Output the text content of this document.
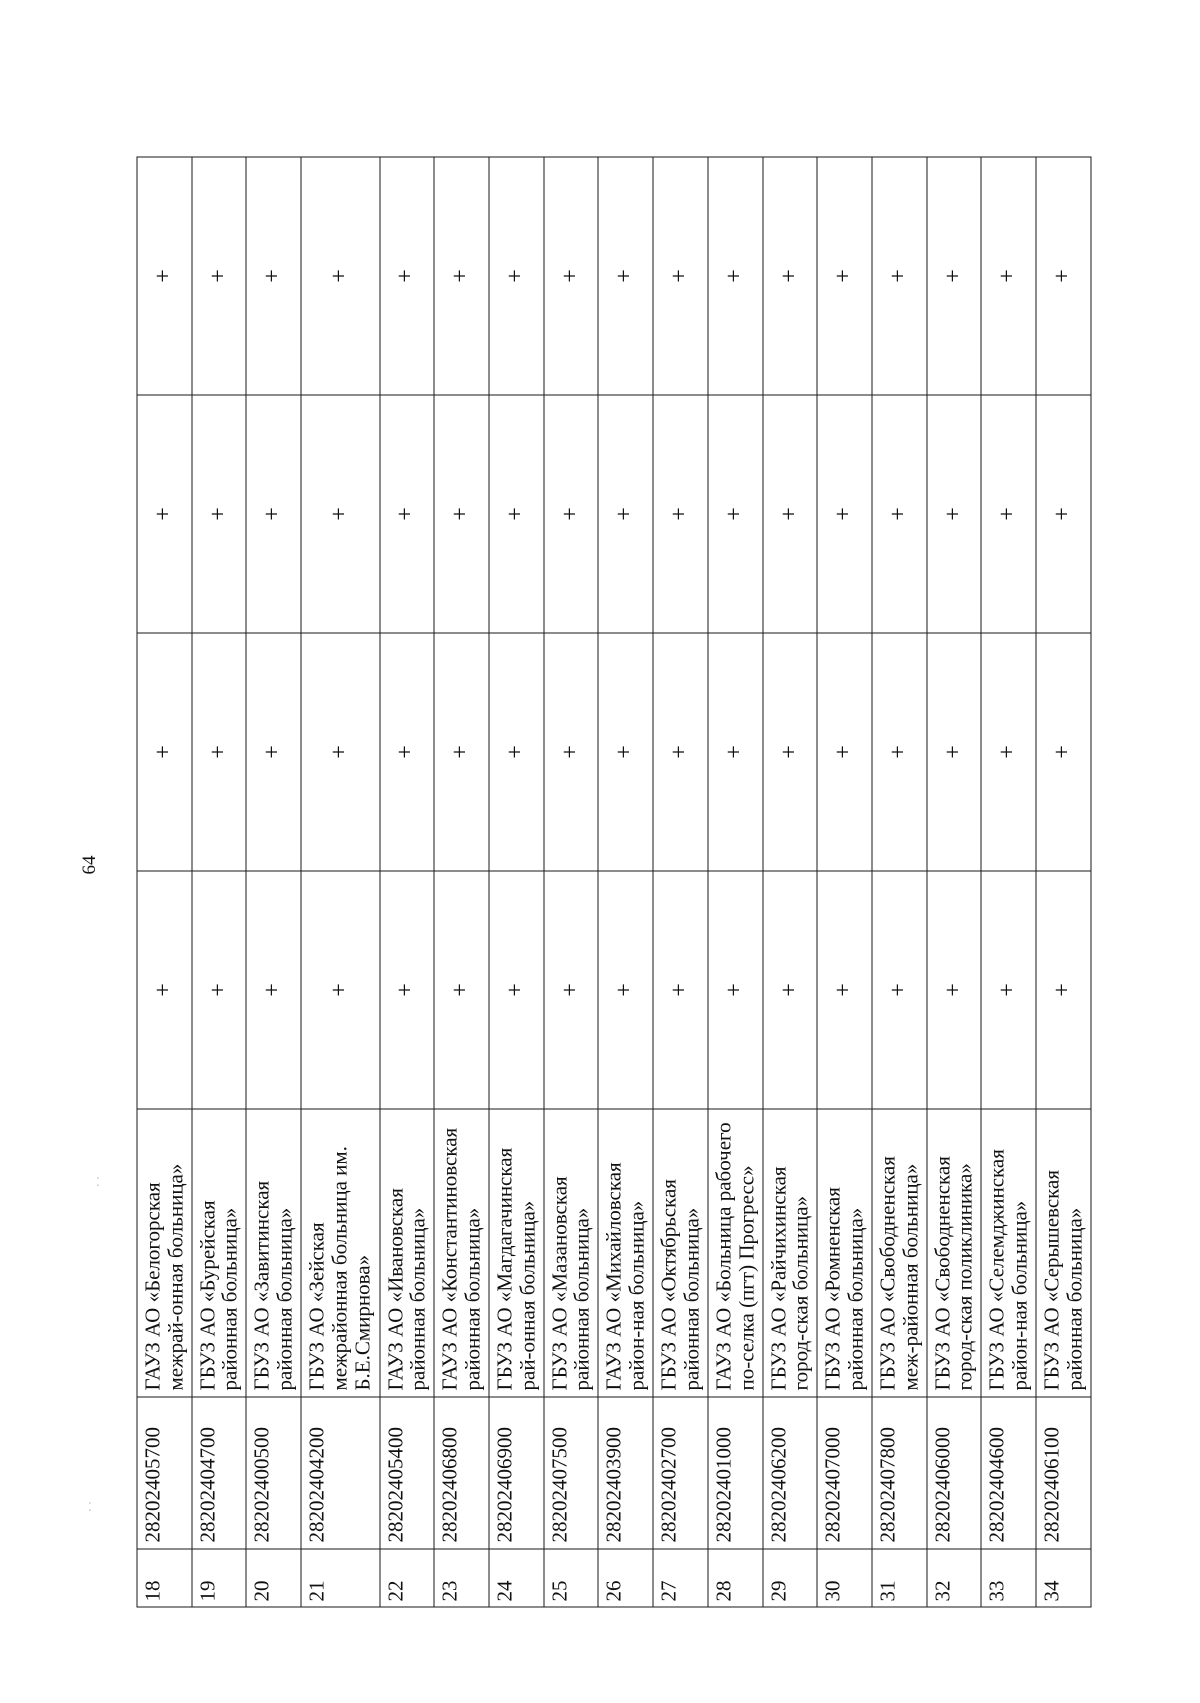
64
⁚
⁚
18	28202405700	ГАУЗ АО «Белогорская межрай-онная больница»	+	+	+	+
19	28202404700	ГБУЗ АО «Бурейская районная больница»	+	+	+	+
20	28202400500	ГБУЗ АО «Завитинская районная больница»	+	+	+	+
21	28202404200	ГБУЗ АО «Зейская межрайонная больница им. Б.Е.Смирнова»	+	+	+	+
22	28202405400	ГАУЗ АО «Ивановская районная больница»	+	+	+	+
23	28202406800	ГАУЗ АО «Константиновская районная больница»	+	+	+	+
24	28202406900	ГБУЗ АО «Магдагачинская рай-онная больница»	+	+	+	+
25	28202407500	ГБУЗ АО «Мазановская районная больница»	+	+	+	+
26	28202403900	ГАУЗ АО «Михайловская район-ная больница»	+	+	+	+
27	28202402700	ГБУЗ АО «Октябрьская районная больница»	+	+	+	+
28	28202401000	ГАУЗ АО «Больница рабочего по-селка (пгт) Прогресс»	+	+	+	+
29	28202406200	ГБУЗ АО «Райчихинская город-ская больница»	+	+	+	+
30	28202407000	ГБУЗ АО «Ромненская районная больница»	+	+	+	+
31	28202407800	ГБУЗ АО «Свободненская меж-районная больница»	+	+	+	+
32	28202406000	ГБУЗ АО «Свободненская город-ская поликлиника»	+	+	+	+
33	28202404600	ГБУЗ АО «Селемджинская район-ная больница»	+	+	+	+
34	28202406100	ГБУЗ АО «Серышевская районная больница»	+	+	+	+
